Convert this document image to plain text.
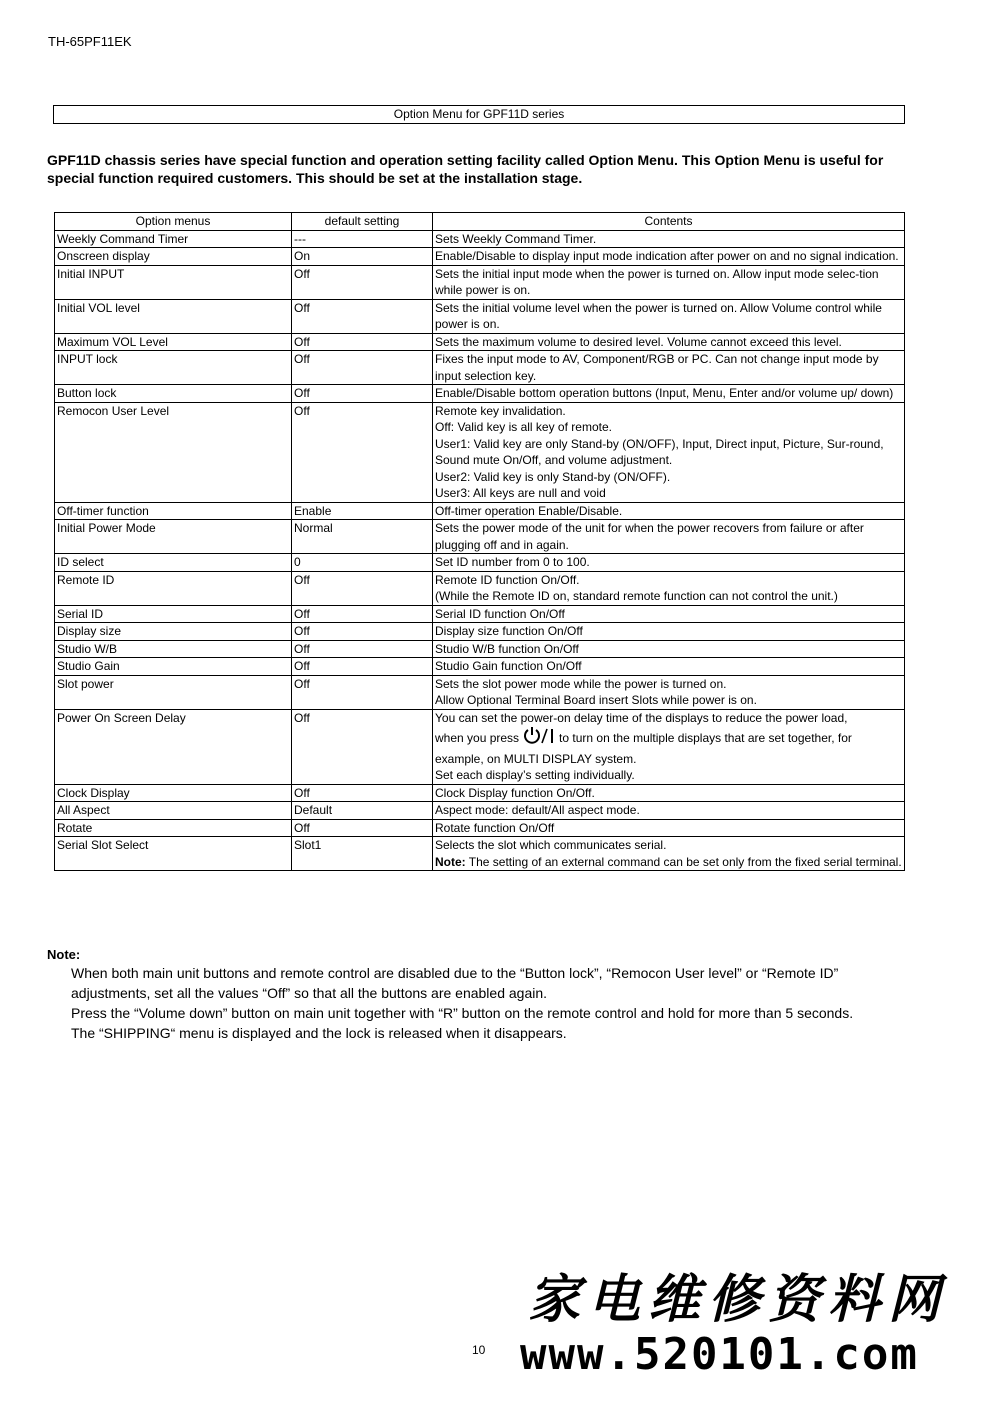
TH-65PF11EK
Option Menu for GPF11D series
GPF11D chassis series have special function and operation setting facility called Option Menu. This Option Menu is useful for special function required customers. This should be set at the installation stage.
Option menus	default setting	Contents
Weekly Command Timer	---	Sets Weekly Command Timer.

Onscreen display	On	Enable/Disable to display input mode indication after power on and no signal indication.

Initial INPUT	Off	Sets the initial input mode when the power is turned on. Allow input mode selec-tion while power is on.

Initial VOL level	Off	Sets the initial volume level when the power is turned on. Allow Volume control while power is on.

Maximum VOL Level	Off	Sets the maximum volume to desired level. Volume cannot exceed this level.

INPUT lock	Off	Fixes the input mode to AV, Component/RGB or PC. Can not change input mode by input selection key.

Button lock	Off	Enable/Disable bottom operation buttons (Input, Menu, Enter and/or volume up/ down)

Remocon User Level	Off	Remote key invalidation.
Off: Valid key is all key of remote.
User1: Valid key are only Stand-by (ON/OFF), Input, Direct input, Picture, Sur-round, Sound mute On/Off, and volume adjustment.
User2: Valid key is only Stand-by (ON/OFF).
User3: All keys are null and void

Off-timer function	Enable	Off-timer operation Enable/Disable.

Initial Power Mode	Normal	Sets the power mode of the unit for when the power recovers from failure or after plugging off and in again.

ID select	0	Set ID number from 0 to 100.

Remote ID	Off	Remote ID function On/Off.
(While the Remote ID on, standard remote function can not control the unit.)

Serial ID	Off	Serial ID function On/Off

Display size	Off	Display size function On/Off

Studio W/B	Off	Studio W/B function On/Off

Studio Gain	Off	Studio Gain function On/Off

Slot power	Off	Sets the slot power mode while the power is turned on.
Allow Optional Terminal Board insert Slots while power is on.

Power On Screen Delay	Off	You can set the power-on delay time of the displays to reduce the power load,
when you press to turn on the multiple displays that are set together, for example, on MULTI DISPLAY system.
Set each display’s setting individually.

Clock Display	Off	Clock Display function On/Off.

All Aspect	Default	Aspect mode: default/All aspect mode.

Rotate	Off	Rotate function On/Off

Serial Slot Select	Slot1	Selects the slot which communicates serial.
Note: The setting of an external command can be set only from the fixed serial terminal.
Note:

When both main unit buttons and remote control are disabled due to the “Button lock”, “Remocon User level” or “Remote ID” adjustments, set all the values “Off” so that all the buttons are enabled again.

Press the “Volume down” button on main unit together with “R” button on the remote control and hold for more than 5 seconds.

The “SHIPPING“ menu is displayed and the lock is released when it disappears.

10
家电维修资料网
www.520101.com
